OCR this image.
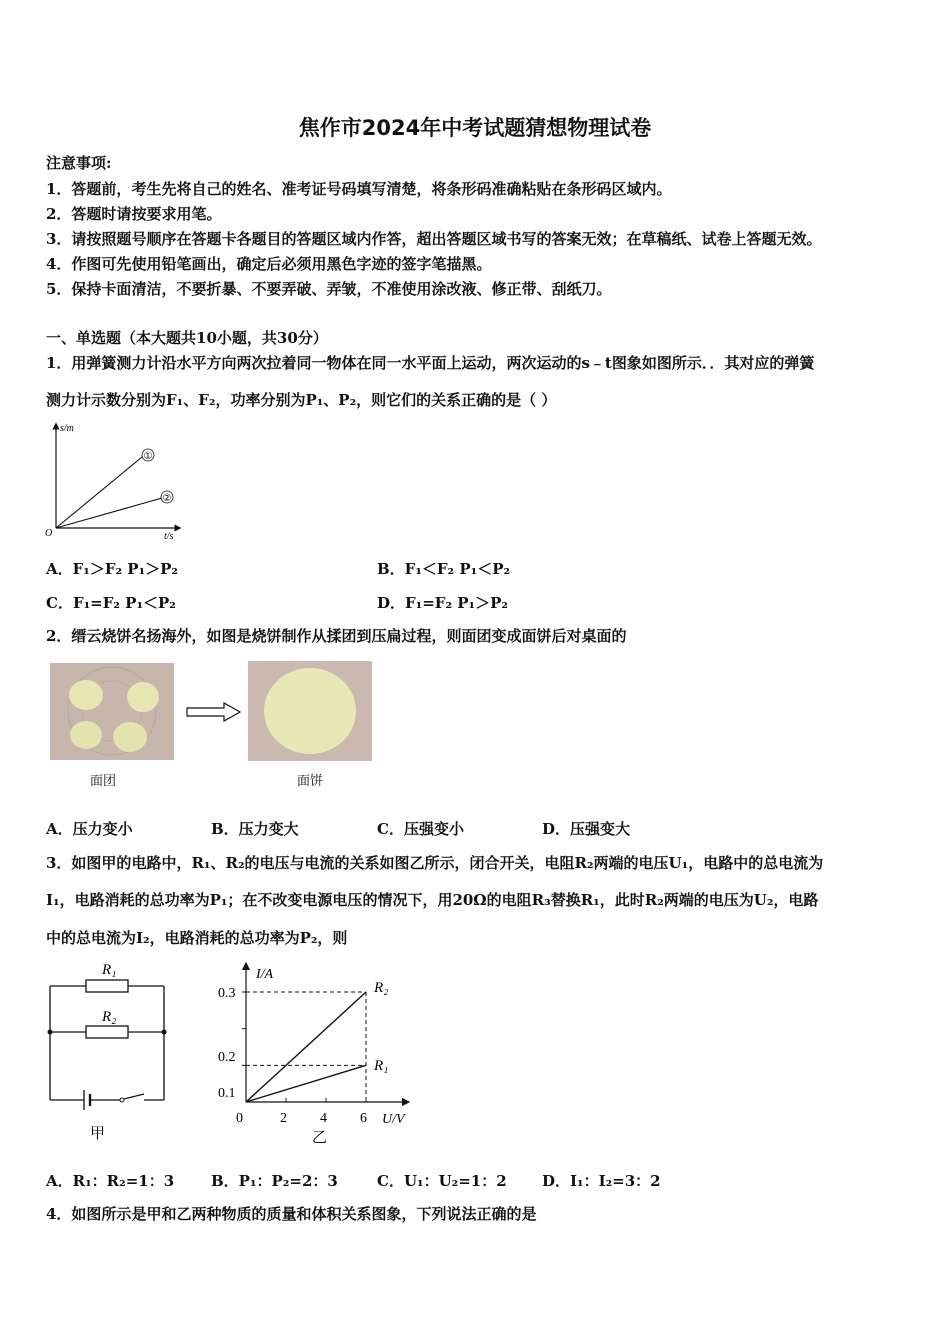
焦作市2024年中考试题猜想物理试卷
注意事项:
1．答题前，考生先将自己的姓名、准考证号码填写清楚，将条形码准确粘贴在条形码区域内。
2．答题时请按要求用笔。
3．请按照题号顺序在答题卡各题目的答题区域内作答，超出答题区域书写的答案无效；在草稿纸、试卷上答题无效。
4．作图可先使用铅笔画出，确定后必须用黑色字迹的签字笔描黑。
5．保持卡面清洁，不要折暴、不要弄破、弄皱，不准使用涂改液、修正带、刮纸刀。
一、单选题（本大题共10小题，共30分）
1．用弹簧测力计沿水平方向两次拉着同一物体在同一水平面上运动，两次运动的s﹣t图象如图所示．．其对应的弹簧
测力计示数分别为F₁、F₂，功率分别为P₁、P₂，则它们的关系正确的是（ ）
①
②
s/m
t/s
O
A．F₁＞F₂ P₁＞P₂	B．F₁＜F₂ P₁＜P₂
C．F₁=F₂ P₁＜P₂	D．F₁=F₂ P₁＞P₂
2．缙云烧饼名扬海外，如图是烧饼制作从揉团到压扁过程，则面团变成面饼后对桌面的
面团	面饼
A．压力变小	B．压力变大	C．压强变小	D．压强变大
3．如图甲的电路中，R₁、R₂的电压与电流的关系如图乙所示，闭合开关，电阻R₂两端的电压U₁，电路中的总电流为
I₁，电路消耗的总功率为P₁；在不改变电源电压的情况下，用20Ω的电阻R₃替换R₁，此时R₂两端的电压为U₂，电路
中的总电流为I₂，电路消耗的总功率为P₂，则
R₁
R₂
甲
I/A
U/V
0.1
0.2
0.3
0	2 4 6
R₂
R₁
乙
A．R₁：R₂=1：3 B．P₁：P₂=2：3	C．U₁：U₂=1：2 D．I₁：I₂=3：2
4．如图所示是甲和乙两种物质的质量和体积关系图象，下列说法正确的是
